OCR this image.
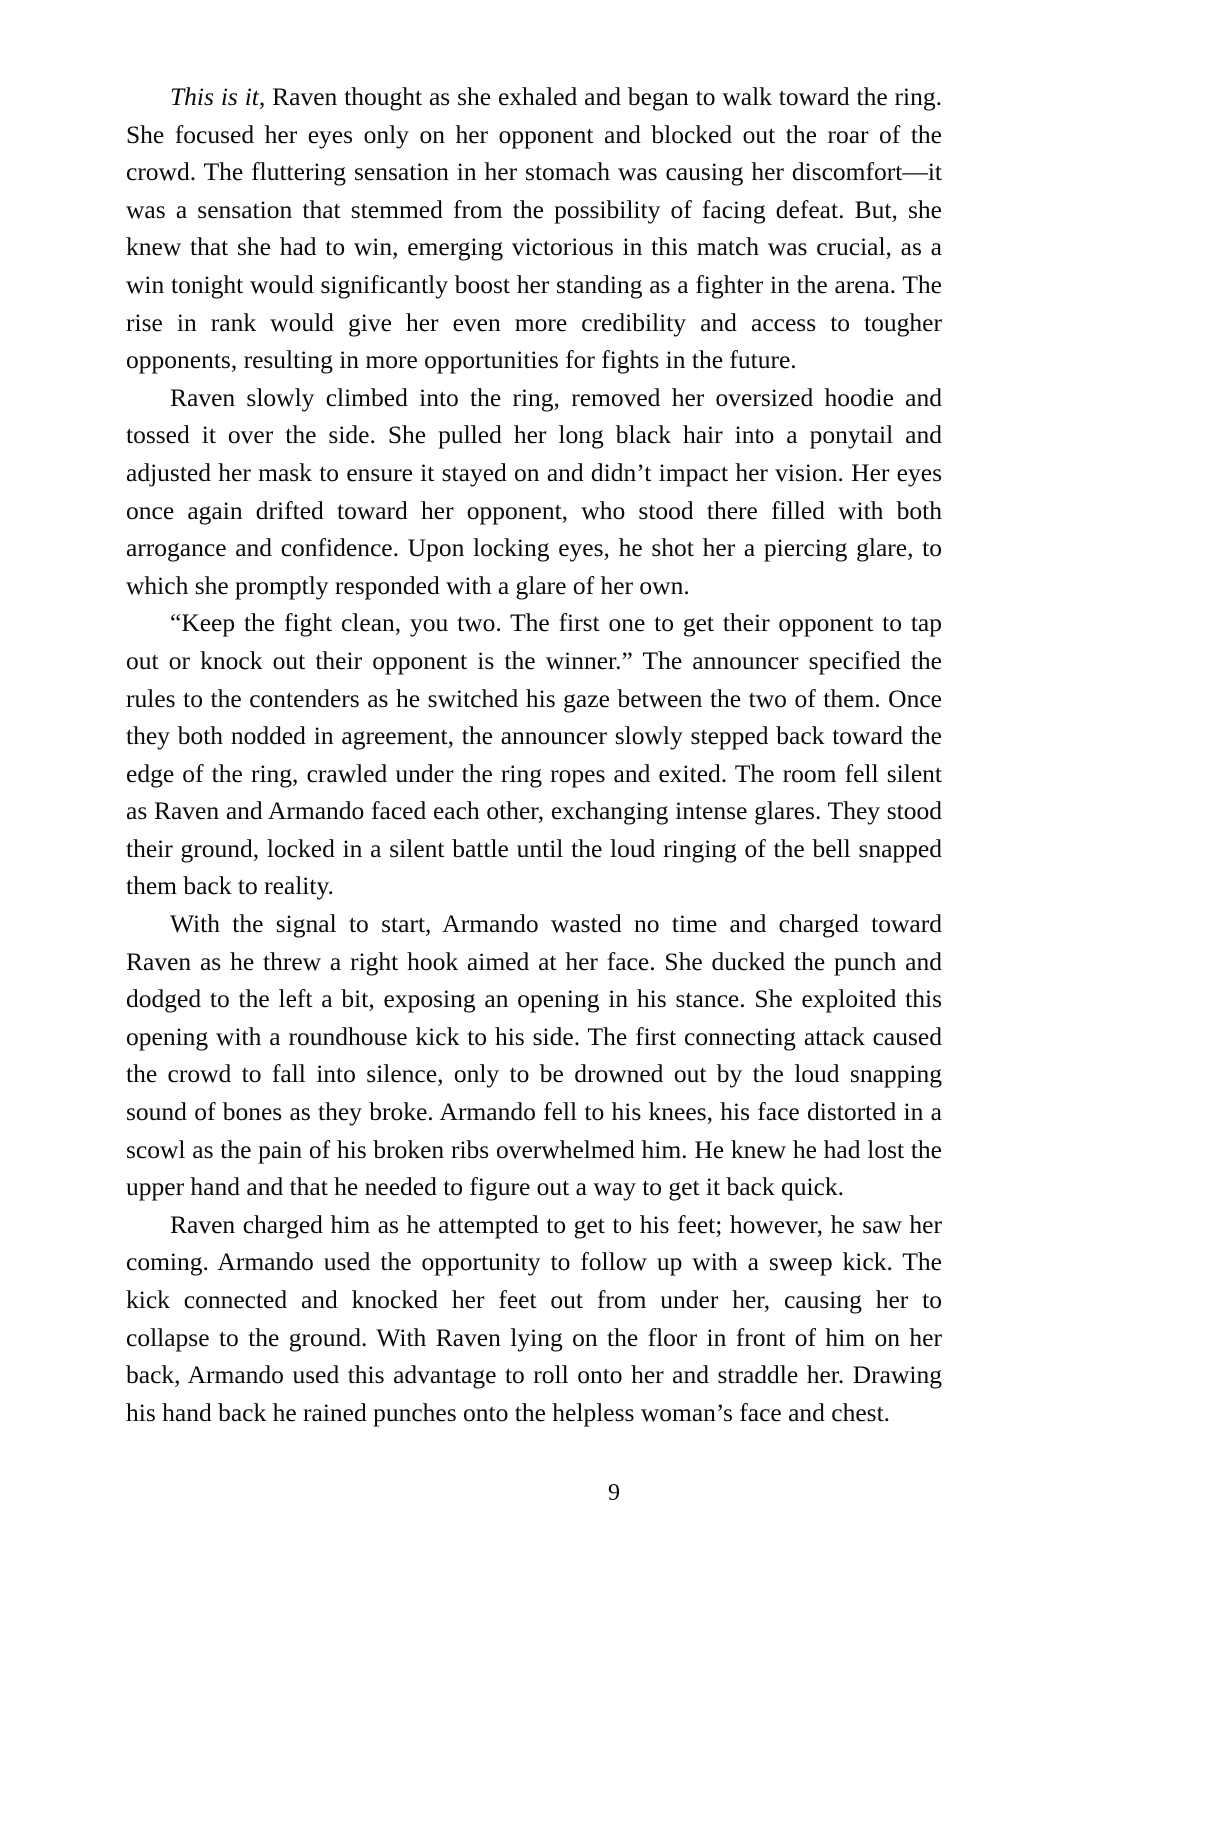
This is it, Raven thought as she exhaled and began to walk toward the ring. She focused her eyes only on her opponent and blocked out the roar of the crowd. The fluttering sensation in her stomach was causing her discomfort—it was a sensation that stemmed from the possibility of facing defeat. But, she knew that she had to win, emerging victorious in this match was crucial, as a win tonight would significantly boost her standing as a fighter in the arena. The rise in rank would give her even more credibility and access to tougher opponents, resulting in more opportunities for fights in the future.

Raven slowly climbed into the ring, removed her oversized hoodie and tossed it over the side. She pulled her long black hair into a ponytail and adjusted her mask to ensure it stayed on and didn’t impact her vision. Her eyes once again drifted toward her opponent, who stood there filled with both arrogance and confidence. Upon locking eyes, he shot her a piercing glare, to which she promptly responded with a glare of her own.

“Keep the fight clean, you two. The first one to get their opponent to tap out or knock out their opponent is the winner.” The announcer specified the rules to the contenders as he switched his gaze between the two of them. Once they both nodded in agreement, the announcer slowly stepped back toward the edge of the ring, crawled under the ring ropes and exited. The room fell silent as Raven and Armando faced each other, exchanging intense glares. They stood their ground, locked in a silent battle until the loud ringing of the bell snapped them back to reality.

With the signal to start, Armando wasted no time and charged toward Raven as he threw a right hook aimed at her face. She ducked the punch and dodged to the left a bit, exposing an opening in his stance. She exploited this opening with a roundhouse kick to his side. The first connecting attack caused the crowd to fall into silence, only to be drowned out by the loud snapping sound of bones as they broke. Armando fell to his knees, his face distorted in a scowl as the pain of his broken ribs overwhelmed him. He knew he had lost the upper hand and that he needed to figure out a way to get it back quick.

Raven charged him as he attempted to get to his feet; however, he saw her coming. Armando used the opportunity to follow up with a sweep kick. The kick connected and knocked her feet out from under her, causing her to collapse to the ground. With Raven lying on the floor in front of him on her back, Armando used this advantage to roll onto her and straddle her. Drawing his hand back he rained punches onto the helpless woman’s face and chest.

9
